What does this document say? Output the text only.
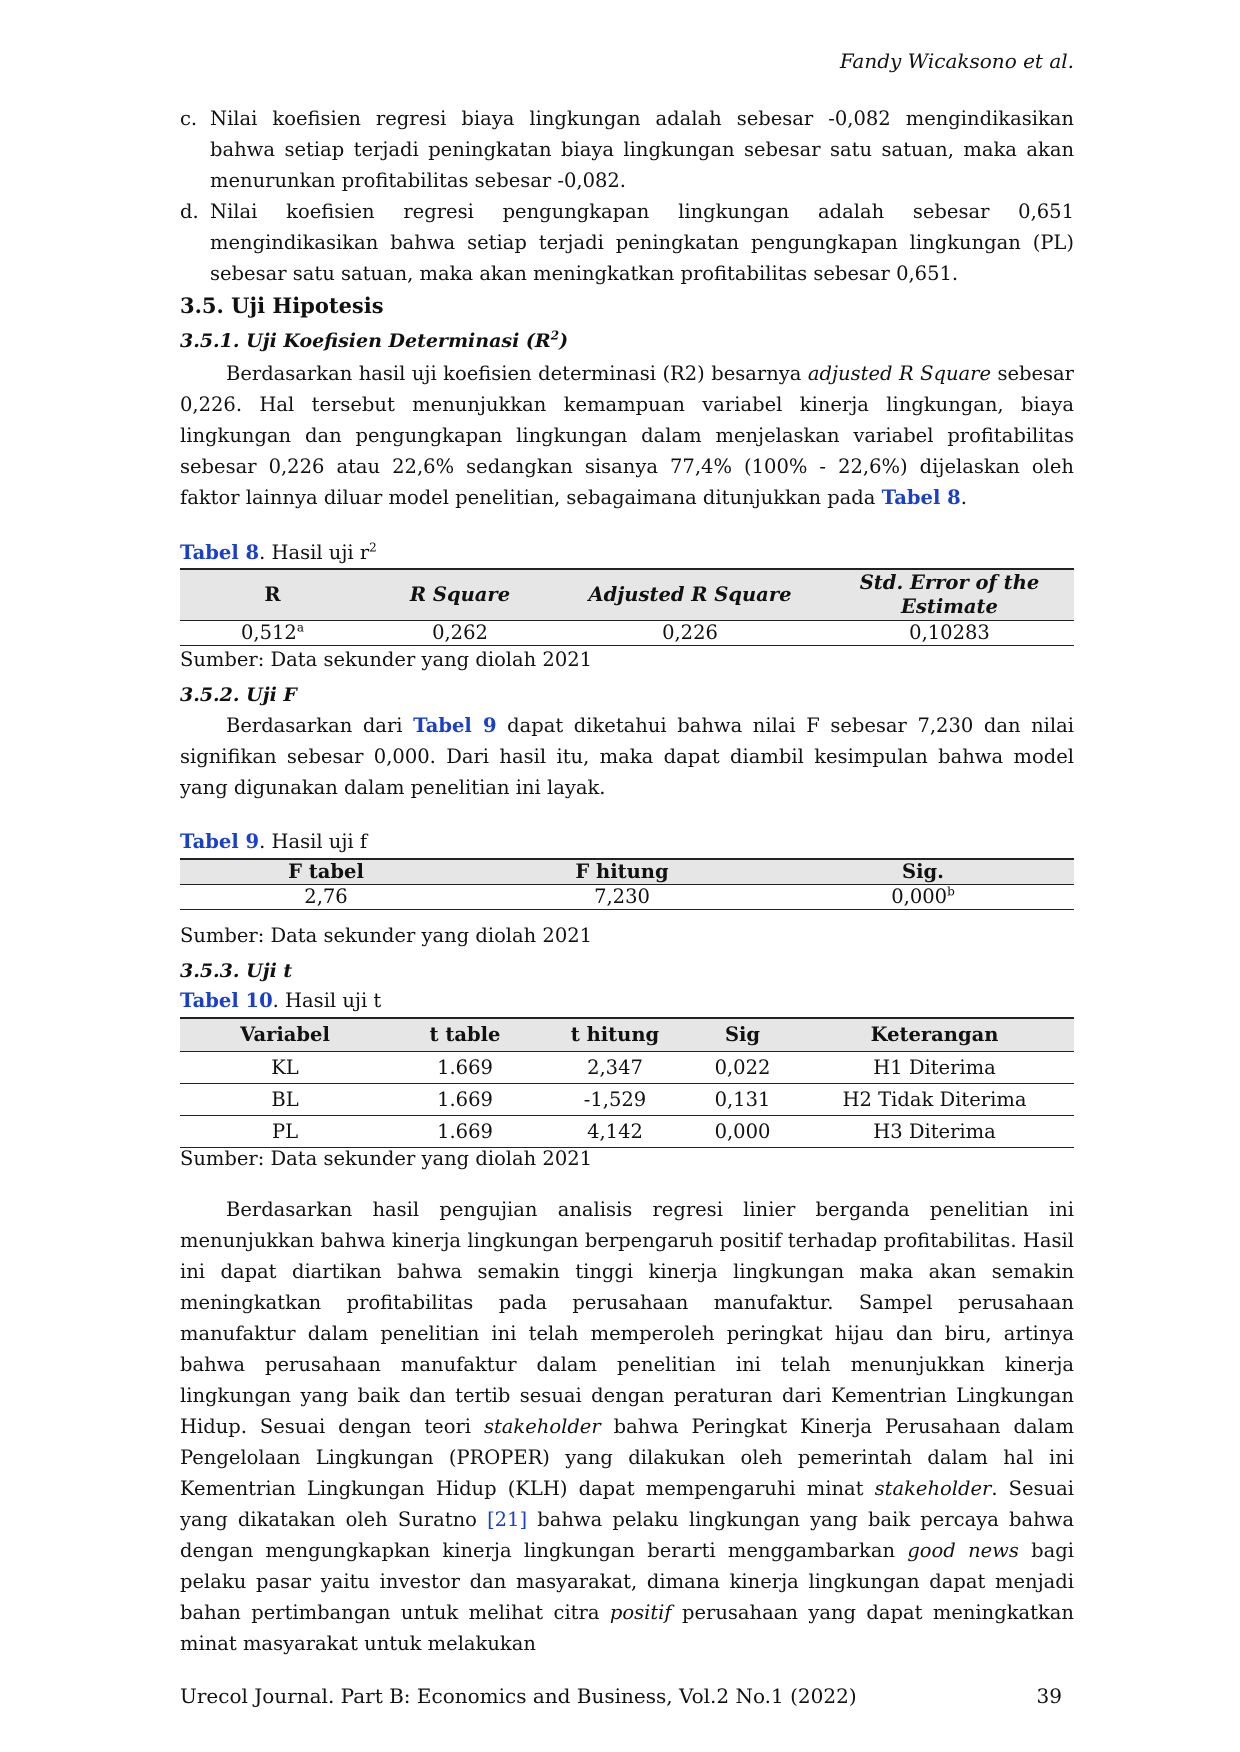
Fandy Wicaksono et al.
c. Nilai koefisien regresi biaya lingkungan adalah sebesar -0,082 mengindikasikan bahwa setiap terjadi peningkatan biaya lingkungan sebesar satu satuan, maka akan menurunkan profitabilitas sebesar -0,082.

d. Nilai koefisien regresi pengungkapan lingkungan adalah sebesar 0,651 mengindikasikan bahwa setiap terjadi peningkatan pengungkapan lingkungan (PL) sebesar satu satuan, maka akan meningkatkan profitabilitas sebesar 0,651.

3.5. Uji Hipotesis
3.5.1. Uji Koefisien Determinasi $(R^2)$

Berdasarkan hasil uji koefisien determinasi (R2) besarnya adjusted R Square sebesar 0,226. Hal tersebut menunjukkan kemampuan variabel kinerja lingkungan, biaya lingkungan dan pengungkapan lingkungan dalam menjelaskan variabel profitabilitas sebesar 0,226 atau 22,6% sedangkan sisanya 77,4% (100% - 22,6%) dijelaskan oleh faktor lainnya diluar model penelitian, sebagaimana ditunjukkan pada Tabel 8.

Tabel 8. Hasil uji $r^2$
R	R Square	Adjusted R Square	Std. Error of the Estimate
0,512$^a$	0,262	0,226	0,10283
Sumber: Data sekunder yang diolah 2021
3.5.2. Uji F

Berdasarkan dari Tabel 9 dapat diketahui bahwa nilai F sebesar 7,230 dan nilai signifikan sebesar 0,000. Dari hasil itu, maka dapat diambil kesimpulan bahwa model yang digunakan dalam penelitian ini layak.

Tabel 9. Hasil uji f
F tabel	F hitung	Sig.
2,76	7,230	0,000$^b$
Sumber: Data sekunder yang diolah 2021
3.5.3. Uji t
Tabel 10. Hasil uji t
Variabel	t table	t hitung	Sig	Keterangan
KL	1.669	2,347	0,022	H1 Diterima
BL	1.669	-1,529	0,131	H2 Tidak Diterima
PL	1.669	4,142	0,000	H3 Diterima
Sumber: Data sekunder yang diolah 2021

Berdasarkan hasil pengujian analisis regresi linier berganda penelitian ini menunjukkan bahwa kinerja lingkungan berpengaruh positif terhadap profitabilitas. Hasil ini dapat diartikan bahwa semakin tinggi kinerja lingkungan maka akan semakin meningkatkan profitabilitas pada perusahaan manufaktur. Sampel perusahaan manufaktur dalam penelitian ini telah memperoleh peringkat hijau dan biru, artinya bahwa perusahaan manufaktur dalam penelitian ini telah menunjukkan kinerja lingkungan yang baik dan tertib sesuai dengan peraturan dari Kementrian Lingkungan Hidup. Sesuai dengan teori stakeholder bahwa Peringkat Kinerja Perusahaan dalam Pengelolaan Lingkungan (PROPER) yang dilakukan oleh pemerintah dalam hal ini Kementrian Lingkungan Hidup (KLH) dapat mempengaruhi minat stakeholder. Sesuai yang dikatakan oleh Suratno [21] bahwa pelaku lingkungan yang baik percaya bahwa dengan mengungkapkan kinerja lingkungan berarti menggambarkan good news bagi pelaku pasar yaitu investor dan masyarakat, dimana kinerja lingkungan dapat menjadi bahan pertimbangan untuk melihat citra positif perusahaan yang dapat meningkatkan minat masyarakat untuk melakukan

Urecol Journal. Part B: Economics and Business, Vol.2 No.1 (2022)	39
